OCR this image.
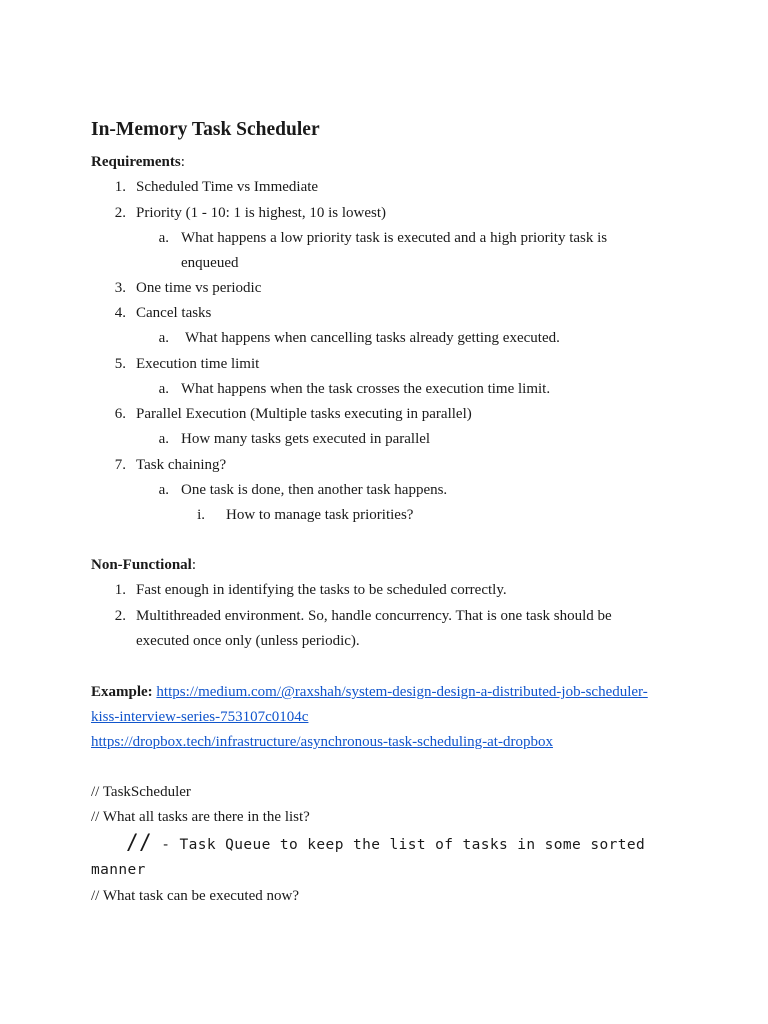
In-Memory Task Scheduler
Requirements:
1. Scheduled Time vs Immediate
2. Priority (1 - 10: 1 is highest, 10 is lowest)
a. What happens a low priority task is executed and a high priority task is
enqueued
3. One time vs periodic
4. Cancel tasks
a. What happens when cancelling tasks already getting executed.
5. Execution time limit
a. What happens when the task crosses the execution time limit.
6. Parallel Execution (Multiple tasks executing in parallel)
a. How many tasks gets executed in parallel
7. Task chaining?
a. One task is done, then another task happens.
i. How to manage task priorities?
Non-Functional:
1. Fast enough in identifying the tasks to be scheduled correctly.
2. Multithreaded environment. So, handle concurrency. That is one task should be
executed once only (unless periodic).
Example: https://medium.com/@raxshah/system-design-design-a-distributed-job-scheduler-
kiss-interview-series-753107c0104c
https://dropbox.tech/infrastructure/asynchronous-task-scheduling-at-dropbox
// TaskScheduler
// What all tasks are there in the list?
// - Task Queue to keep the list of tasks in some sorted
manner
// What task can be executed now?
